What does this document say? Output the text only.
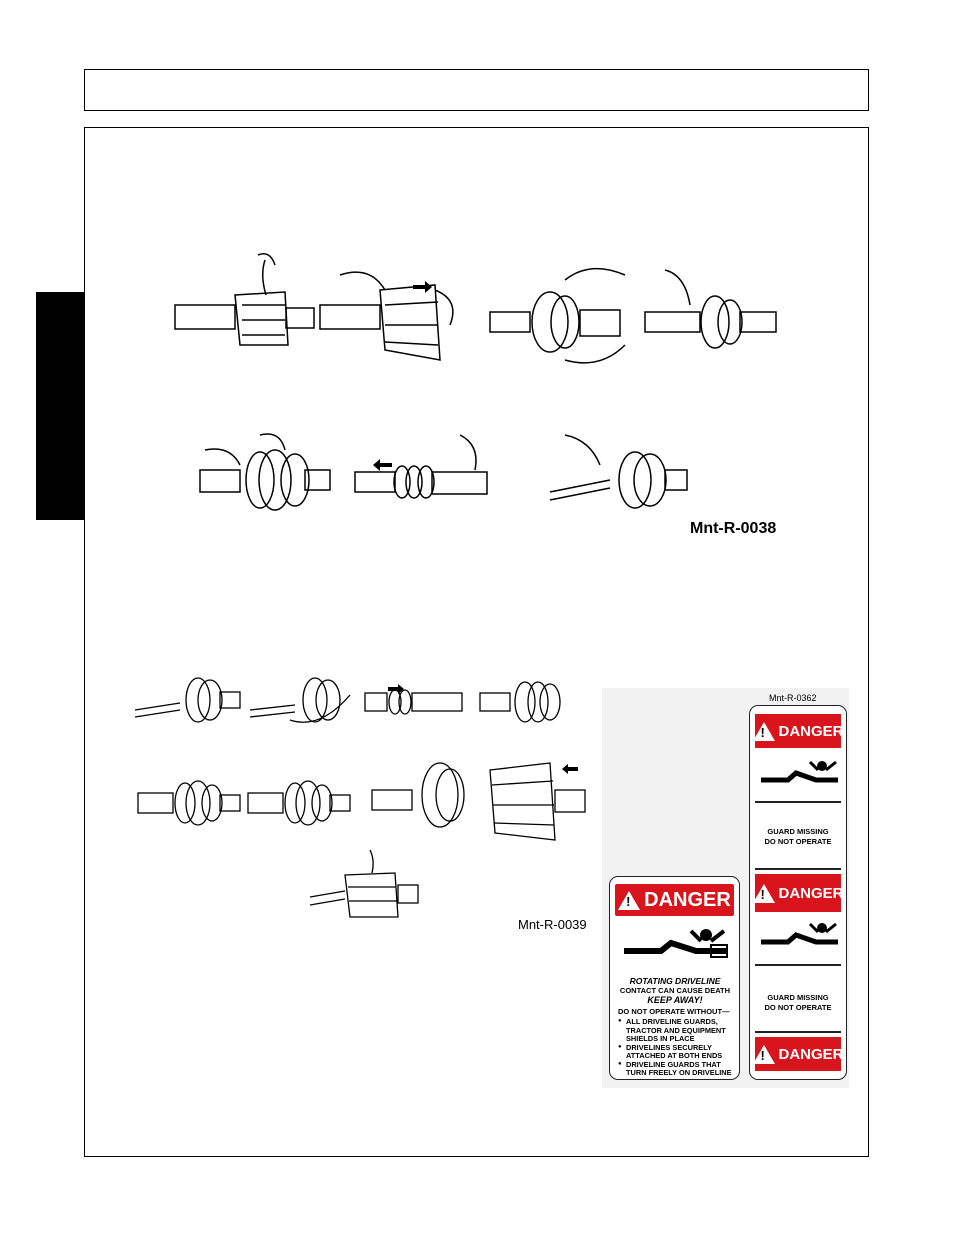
Mnt-R-0038
Mnt-R-0039
Mnt-R-0362
! DANGER
ROTATING DRIVELINE
CONTACT CAN CAUSE DEATH
KEEP AWAY!
DO NOT OPERATE WITHOUT—
● ALL DRIVELINE GUARDS, TRACTOR AND EQUIPMENT SHIELDS IN PLACE
● DRIVELINES SECURELY ATTACHED AT BOTH ENDS
● DRIVELINE GUARDS THAT TURN FREELY ON DRIVELINE
! DANGER
GUARD MISSING
DO NOT OPERATE
! DANGER
GUARD MISSING
DO NOT OPERATE
! DANGER
